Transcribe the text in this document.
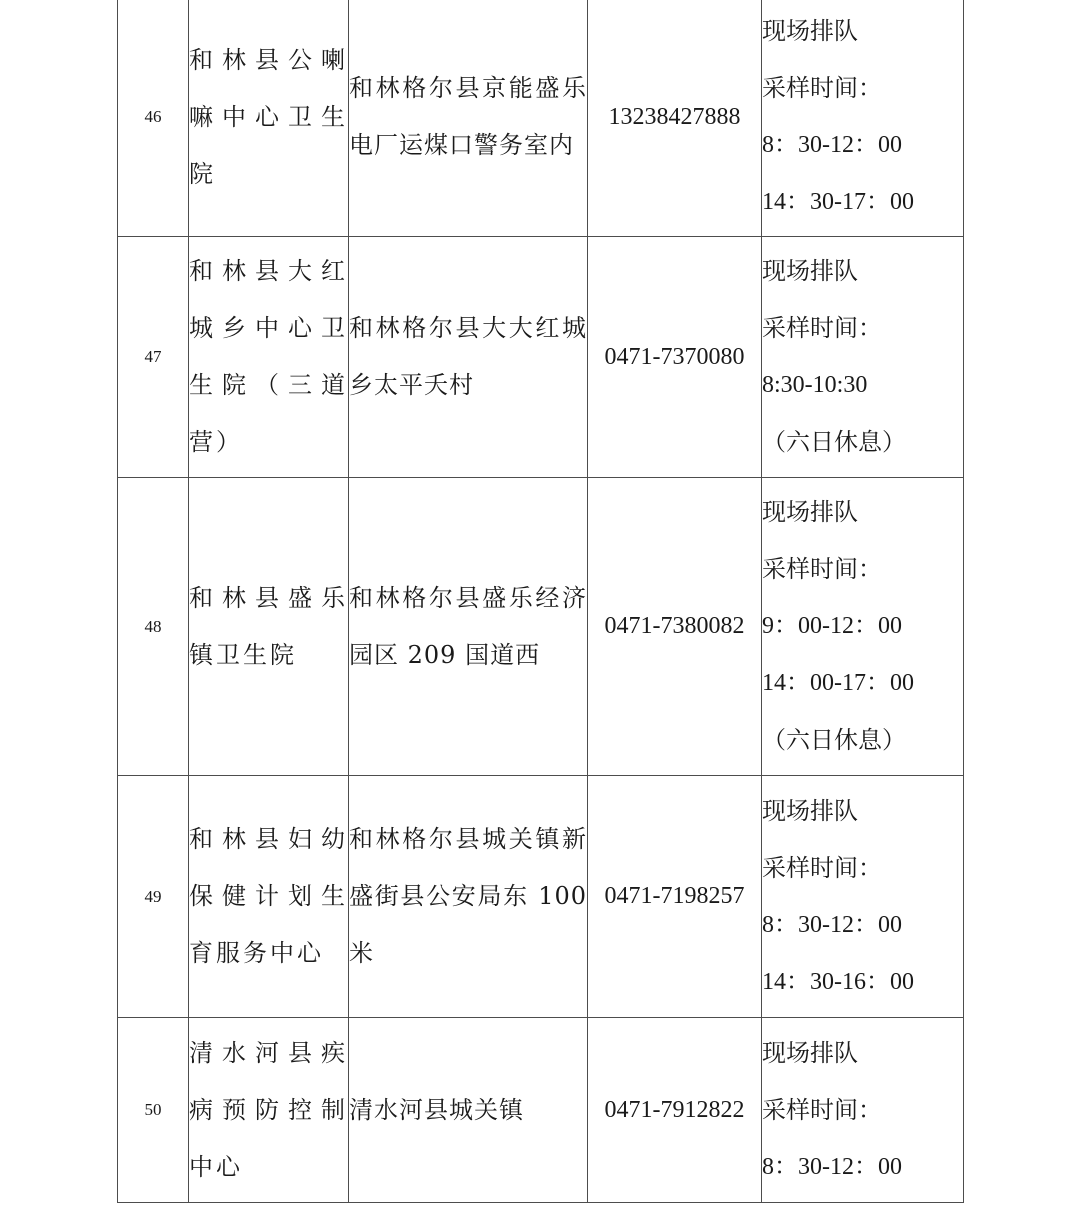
46	和林县公喇嘛中心卫生院	和林格尔县京能盛乐电厂运煤口警务室内	13238427888	现场排队
采样时间：
8：30-12：00
14：30-17：00

47	和林县大红城乡中心卫生院（三道营）	和林格尔县大大红城乡太平夭村	0471-7370080	现场排队
采样时间：
8:30-10:30
（六日休息）

48	和林县盛乐镇卫生院	和林格尔县盛乐经济园区 209 国道西	0471-7380082	现场排队
采样时间：
9：00-12：00
14：00-17：00
（六日休息）

49	和林县妇幼保健计划生育服务中心	和林格尔县城关镇新盛街县公安局东 100 米	0471-7198257	现场排队
采样时间：
8：30-12：00
14：30-16：00

50	清水河县疾病预防控制中心	清水河县城关镇	0471-7912822	现场排队
采样时间：
8：30-12：00
